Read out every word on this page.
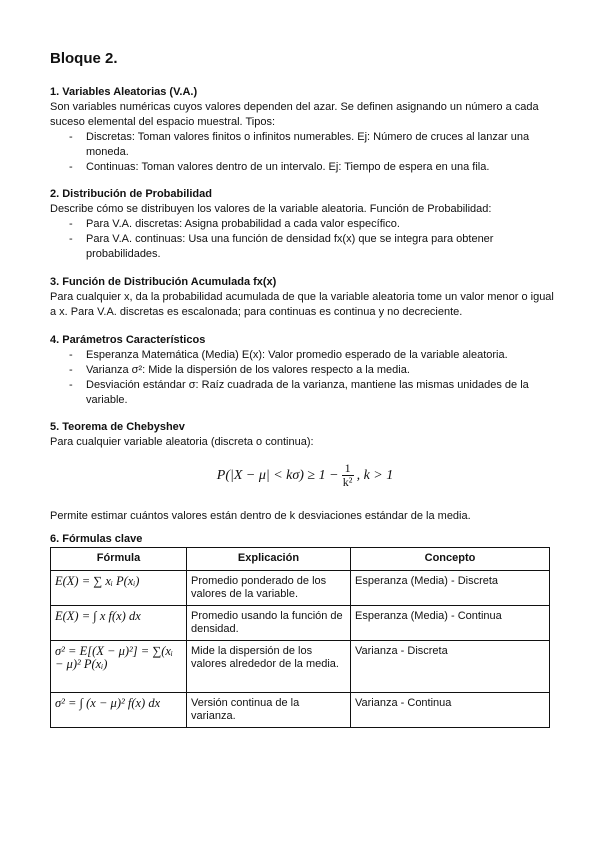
Bloque 2.
1. Variables Aleatorias (V.A.)

Son variables numéricas cuyos valores dependen del azar. Se definen asignando un número a cada suceso elemental del espacio muestral. Tipos:

- Discretas: Toman valores finitos o infinitos numerables. Ej: Número de cruces al lanzar una moneda.
- Continuas: Toman valores dentro de un intervalo. Ej: Tiempo de espera en una fila.
2. Distribución de Probabilidad

Describe cómo se distribuyen los valores de la variable aleatoria. Función de Probabilidad:

- Para V.A. discretas: Asigna probabilidad a cada valor específico.
- Para V.A. continuas: Usa una función de densidad fx(x) que se integra para obtener probabilidades.
3. Función de Distribución Acumulada fx(x)

Para cualquier x, da la probabilidad acumulada de que la variable aleatoria tome un valor menor o igual a x. Para V.A. discretas es escalonada; para continuas es continua y no decreciente.

4. Parámetros Característicos
- Esperanza Matemática (Media) E(x): Valor promedio esperado de la variable aleatoria.
- Varianza σ²: Mide la dispersión de los valores respecto a la media.
- Desviación estándar σ: Raíz cuadrada de la varianza, mantiene las mismas unidades de la variable.
5. Teorema de Chebyshev

Para cualquier variable aleatoria (discreta o continua):

$P(|X - \mu| < k\sigma) \ge 1 - \frac{1}{\text{k²}}$ , k > 1

Permite estimar cuántos valores están dentro de k desviaciones estándar de la media.

6. Fórmulas clave
Fórmula	Explicación	Concepto
E(X) = ∑ xᵢ P(xᵢ)	Promedio ponderado de los valores de la variable.	Esperanza (Media) - Discreta
E(X) = ∫ x f(x) dx	Promedio usando la función de densidad.	Esperanza (Media) - Continua
σ² = E[(X − μ)²] = ∑(xᵢ − μ)² P(xᵢ)	Mide la dispersión de los valores alrededor de la media.	Varianza - Discreta
σ² = ∫ (x − μ)² f(x) dx	Versión continua de la varianza.	Varianza - Continua
